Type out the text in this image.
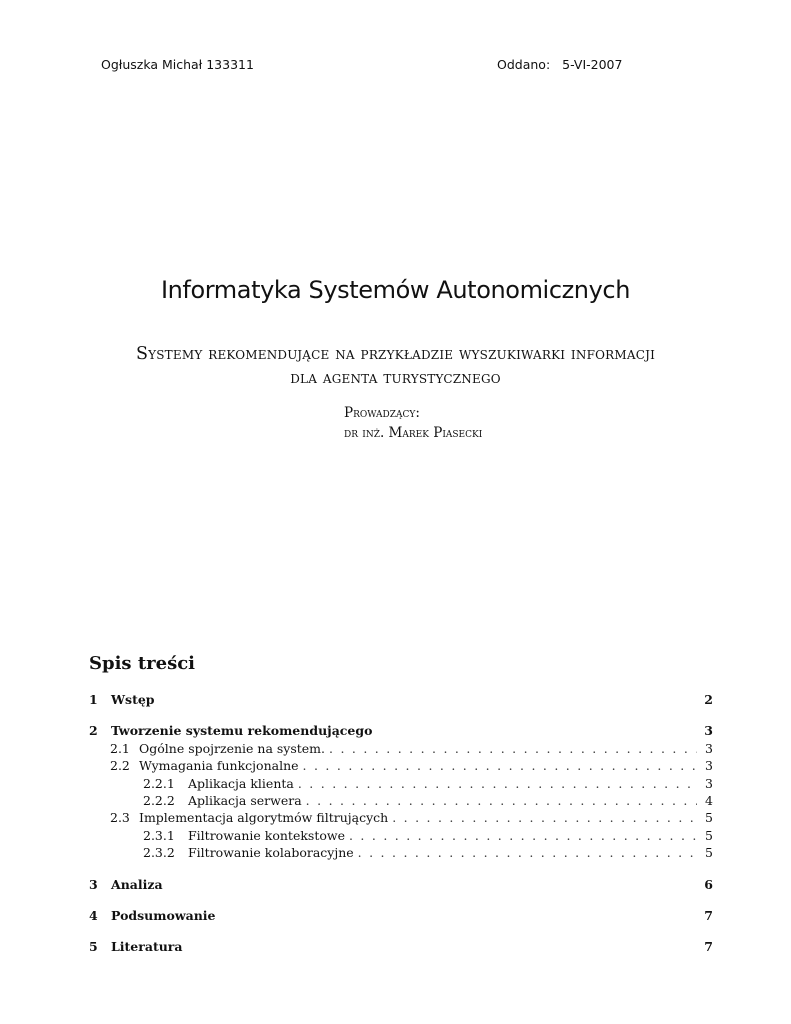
Ogłuszka Michał 133311	Oddano: 5-VI-2007
Informatyka Systemów Autonomicznych
Systemy rekomendujące na przykładzie wyszukiwarki informacji
dla agenta turystycznego
Prowadzący:
dr inż. Marek Piasecki
Spis treści
1	Wstęp	2
2	Tworzenie systemu rekomendującego	3
2.1 Ogólne spojrzenie na system. . . .	3
2.2 Wymagania funkcjonalne . . .	3
2.2.1	Aplikacja klienta . . .	3
2.2.2	Aplikacja serwera . . .	4
2.3 Implementacja algorytmów filtrujących . . .	5
2.3.1	Filtrowanie kontekstowe . . .	5
2.3.2	Filtrowanie kolaboracyjne . . .	5
3	Analiza	6
4	Podsumowanie	7
5	Literatura	7
